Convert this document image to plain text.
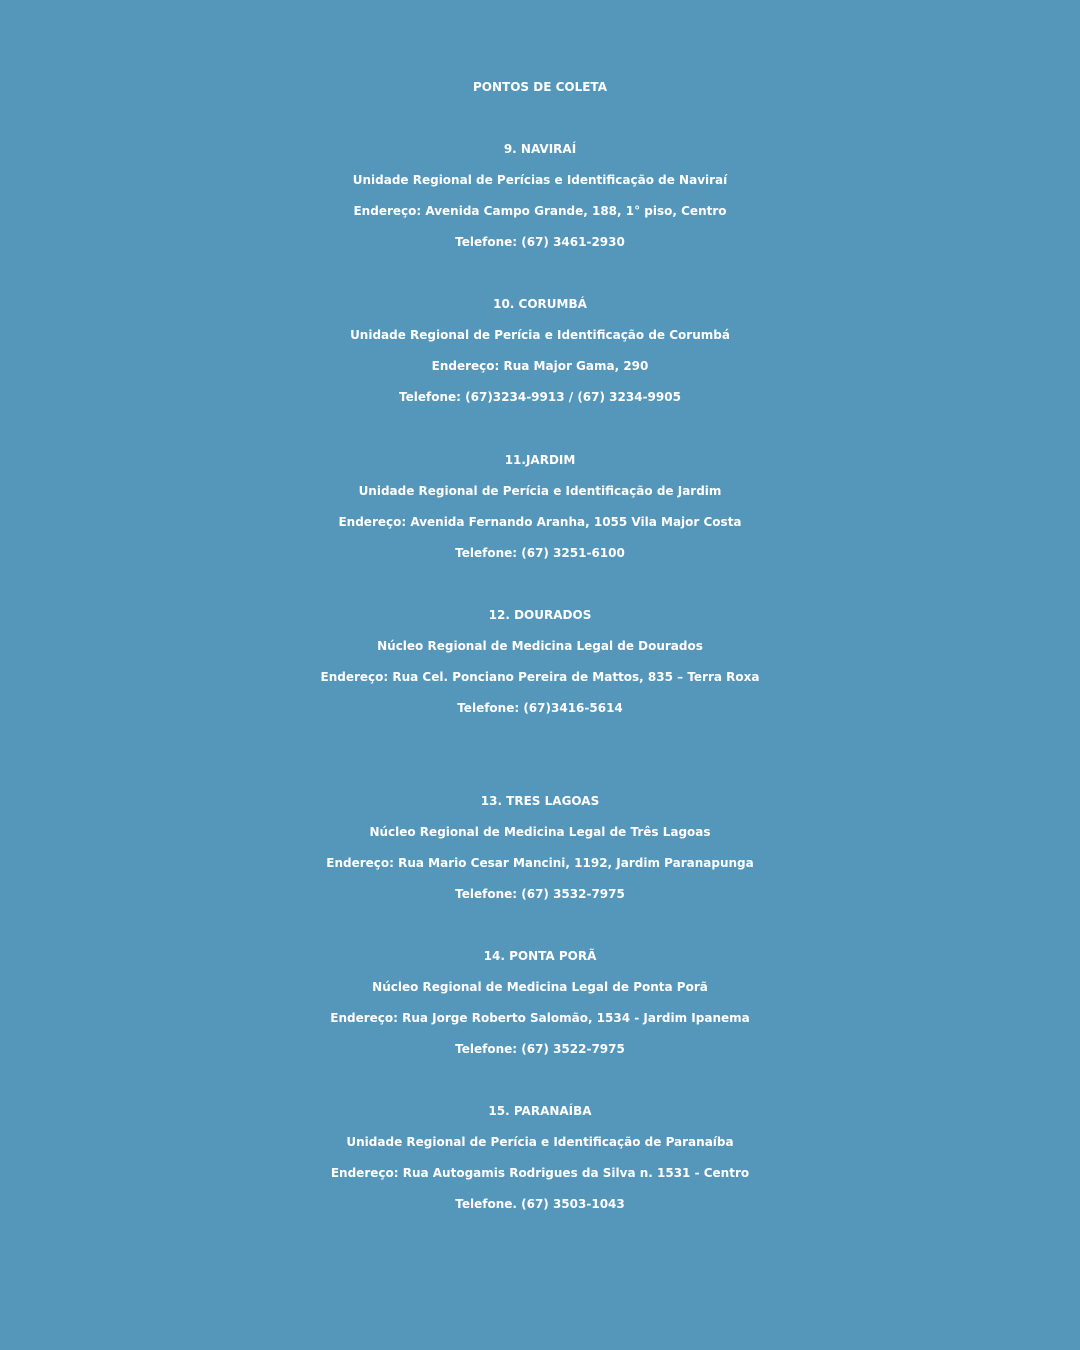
PONTOS DE COLETA
9. NAVIRAÍ
Unidade Regional de Perícias e Identificação de Naviraí
Endereço: Avenida Campo Grande, 188, 1° piso, Centro
Telefone: (67) 3461-2930
10. CORUMBÁ
Unidade Regional de Perícia e Identificação de Corumbá
Endereço: Rua Major Gama, 290
Telefone: (67)3234-9913 / (67) 3234-9905
11.JARDIM
Unidade Regional de Perícia e Identificação de Jardim
Endereço: Avenida Fernando Aranha, 1055 Vila Major Costa
Telefone: (67) 3251-6100
12. DOURADOS
Núcleo Regional de Medicina Legal de Dourados
Endereço: Rua Cel. Ponciano Pereira de Mattos, 835 – Terra Roxa
Telefone: (67)3416-5614
13. TRES LAGOAS
Núcleo Regional de Medicina Legal de Três Lagoas
Endereço: Rua Mario Cesar Mancini, 1192, Jardim Paranapunga
Telefone: (67) 3532-7975
14. PONTA PORÃ
Núcleo Regional de Medicina Legal de Ponta Porã
Endereço: Rua Jorge Roberto Salomão, 1534 - Jardim Ipanema
Telefone: (67) 3522-7975
15. PARANAÍBA
Unidade Regional de Perícia e Identificação de Paranaíba
Endereço: Rua Autogamis Rodrigues da Silva n. 1531 - Centro
Telefone. (67) 3503-1043
